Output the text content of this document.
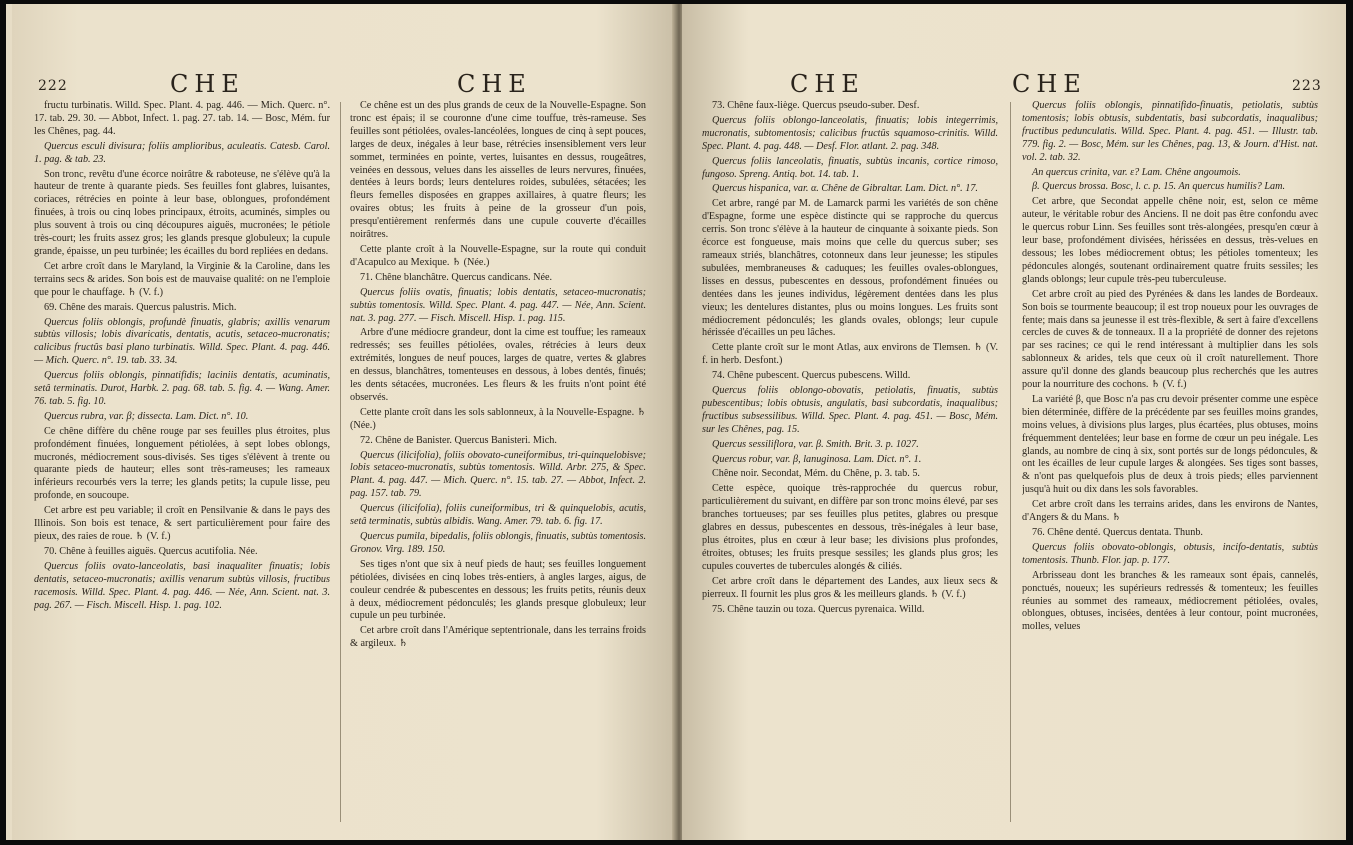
222	CHE	CHE

fructu turbinatis. Willd. Spec. Plant. 4. pag. 446. — Mich. Querc. n°. 17. tab. 29. 30. — Abbot, Infect. 1. pag. 27. tab. 14. — Bosc, Mém. fur les Chênes, pag. 44.

Quercus esculi divisura; foliis amplioribus, aculeatis. Catesb. Carol. 1. pag. & tab. 23.

Son tronc, revêtu d'une écorce noirâtre & raboteuse, ne s'élève qu'à la hauteur de trente à quarante pieds. Ses feuilles font glabres, luisantes, coriaces, rétrécies en pointe à leur base, oblongues, profondément finuées, à trois ou cinq lobes principaux, étroits, acuminés, simples ou plus souvent à trois ou cinq découpures aiguës, mucronées; le pétiole très-court; les fruits assez gros; les glands presque globuleux; la cupule grande, épaisse, un peu turbinée; les écailles du bord repliées en dedans.

Cet arbre croît dans le Maryland, la Virginie & la Caroline, dans les terrains secs & arides. Son bois est de mauvaise qualité: on ne l'emploie que pour le chauffage. ♄ (V. f.)

69. Chêne des marais. Quercus palustris. Mich.

Quercus foliis oblongis, profundè finuatis, glabris; axillis venarum subtùs villosis; lobis divaricatis, dentatis, acutis, setaceo-mucronatis; calicibus fructûs basi plano turbinatis. Willd. Spec. Plant. 4. pag. 446. — Mich. Querc. n°. 19. tab. 33. 34.

Quercus foliis oblongis, pinnatifidis; laciniis dentatis, acuminatis, setâ terminatis. Durot, Harbk. 2. pag. 68. tab. 5. fig. 4. — Wang. Amer. 76. tab. 5. fig. 10.

Quercus rubra, var. β; dissecta. Lam. Dict. n°. 10.

Ce chêne diffère du chêne rouge par ses feuilles plus étroites, plus profondément finuées, longuement pétiolées, à sept lobes oblongs, mucronés, médiocrement sous-divisés. Ses tiges s'élèvent à trente ou quarante pieds de hauteur; elles sont très-rameuses; les rameaux inférieurs recourbés vers la terre; les glands petits; la cupule lisse, peu profonde, en soucoupe.

Cet arbre est peu variable; il croît en Pensilvanie & dans le pays des Illinois. Son bois est tenace, & sert particulièrement pour faire des pieux, des raies de roue. ♄ (V. f.)

70. Chêne à feuilles aiguës. Quercus acutifolia. Née.

Quercus foliis ovato-lanceolatis, basi inaqualiter finuatis; lobis dentatis, setaceo-mucronatis; axillis venarum subtùs villosis, fructibus racemosis. Willd. Spec. Plant. 4. pag. 446. — Née, Ann. Scient. nat. 3. pag. 267. — Fisch. Miscell. Hisp. 1. pag. 102.

Ce chêne est un des plus grands de ceux de la Nouvelle-Espagne. Son tronc est épais; il se couronne d'une cime touffue, très-rameuse. Ses feuilles sont pétiolées, ovales-lancéolées, longues de cinq à sept pouces, larges de deux, inégales à leur base, rétrécies insensiblement vers leur sommet, terminées en pointe, vertes, luisantes en dessus, rougeâtres, veinées en dessous, velues dans les aisselles de leurs nervures, finuées, dentées à leurs bords; leurs dentelures roides, subulées, sétacées; les fleurs femelles disposées en grappes axillaires, à quatre fleurs; les ovaires obtus; les fruits à peine de la grosseur d'un pois, presqu'entièrement renfermés dans une cupule couverte d'écailles noirâtres.

Cette plante croît à la Nouvelle-Espagne, sur la route qui conduit d'Acapulco au Mexique. ♄ (Née.)

71. Chêne blanchâtre. Quercus candicans. Née.

Quercus foliis ovatis, finuatis; lobis dentatis, setaceo-mucronatis; subtùs tomentosis. Willd. Spec. Plant. 4. pag. 447. — Née, Ann. Scient. nat. 3. pag. 277. — Fisch. Miscell. Hisp. 1. pag. 115.

Arbre d'une médiocre grandeur, dont la cime est touffue; les rameaux redressés; ses feuilles pétiolées, ovales, rétrécies à leurs deux extrémités, longues de neuf pouces, larges de quatre, vertes & glabres en dessus, blanchâtres, tomenteuses en dessous, à lobes dentés, finués; les dents sétacées, mucronées. Les fleurs & les fruits n'ont point été observés.

Cette plante croît dans les sols sablonneux, à la Nouvelle-Espagne. ♄ (Née.)

72. Chêne de Banister. Quercus Banisteri. Mich.

Quercus (ilicifolia), foliis obovato-cuneiformibus, tri-quinquelobisve; lobis setaceo-mucronatis, subtùs tomentosis. Willd. Arbr. 275, & Spec. Plant. 4. pag. 447. — Mich. Querc. n°. 15. tab. 27. — Abbot, Infect. 2. pag. 157. tab. 79.

Quercus (ilicifolia), foliis cuneiformibus, tri & quinquelobis, acutis, setâ terminatis, subtùs albidis. Wang. Amer. 79. tab. 6. fig. 17.

Quercus pumila, bipedalis, foliis oblongis, finuatis, subtùs tomentosis. Gronov. Virg. 189. 150.

Ses tiges n'ont que six à neuf pieds de haut; ses feuilles longuement pétiolées, divisées en cinq lobes très-entiers, à angles larges, aigus, de couleur cendrée & pubescentes en dessous; les fruits petits, réunis deux à deux, médiocrement pédonculés; les glands presque globuleux; leur cupule un peu turbinée.

Cet arbre croît dans l'Amérique septentrionale, dans les terrains froids & argileux. ♄

CHE	CHE	223

73. Chêne faux-liège. Quercus pseudo-suber. Desf.

Quercus foliis oblongo-lanceolatis, finuatis; lobis integerrimis, mucronatis, subtomentosis; calicibus fructûs squamoso-crinitis. Willd. Spec. Plant. 4. pag. 448. — Desf. Flor. atlant. 2. pag. 348.

Quercus foliis lanceolatis, finuatis, subtùs incanis, cortice rimoso, fungoso. Spreng. Antiq. bot. 14. tab. 1.

Quercus hispanica, var. α. Chêne de Gibraltar. Lam. Dict. n°. 17.

Cet arbre, rangé par M. de Lamarck parmi les variétés de son chêne d'Espagne, forme une espèce distincte qui se rapproche du quercus cerris. Son tronc s'élève à la hauteur de cinquante à soixante pieds. Son écorce est fongueuse, mais moins que celle du quercus suber; ses rameaux striés, blanchâtres, cotonneux dans leur jeunesse; les stipules subulées, membraneuses & caduques; les feuilles ovales-oblongues, lisses en dessus, pubescentes en dessous, profondément finuées ou dentées dans les jeunes individus, légèrement dentées dans les plus vieux; les dentelures distantes, plus ou moins longues. Les fruits sont médiocrement pédonculés; les glands ovales, oblongs; leur cupule hérissée d'écailles un peu lâches.

Cette plante croît sur le mont Atlas, aux environs de Tlemsen. ♄ (V. f. in herb. Desfont.)

74. Chêne pubescent. Quercus pubescens. Willd.

Quercus foliis oblongo-obovatis, petiolatis, finuatis, subtùs pubescentibus; lobis obtusis, angulatis, basi subcordatis, inaqualibus; fructibus subsessilibus. Willd. Spec. Plant. 4. pag. 451. — Bosc, Mém. sur les Chênes, pag. 15.

Quercus sessiliflora, var. β. Smith. Brit. 3. p. 1027.

Quercus robur, var. β, lanuginosa. Lam. Dict. n°. 1.

Chêne noir. Secondat, Mém. du Chêne, p. 3. tab. 5.

Cette espèce, quoique très-rapprochée du quercus robur, particulièrement du suivant, en diffère par son tronc moins élevé, par ses branches tortueuses; par ses feuilles plus petites, glabres ou presque glabres en dessus, pubescentes en dessous, très-inégales à leur base, plus étroites, plus en cœur à leur base; les divisions plus profondes, étroites, obtuses; les fruits presque sessiles; les glands plus gros; les cupules couvertes de tubercules alongés & ciliés.

Cet arbre croît dans le département des Landes, aux lieux secs & pierreux. Il fournit les plus gros & les meilleurs glands. ♄ (V. f.)

75. Chêne tauzin ou toza. Quercus pyrenaica. Willd.

Quercus foliis oblongis, pinnatifido-finuatis, petiolatis, subtùs tomentosis; lobis obtusis, subdentatis, basi subcordatis, inaqualibus; fructibus pedunculatis. Willd. Spec. Plant. 4. pag. 451. — Illustr. tab. 779. fig. 2. — Bosc, Mém. sur les Chênes, pag. 13, & Journ. d'Hist. nat. vol. 2. tab. 32.

An quercus crinita, var. ε? Lam. Chêne angoumois.

β. Quercus brossa. Bosc, l. c. p. 15. An quercus humilis? Lam.

Cet arbre, que Secondat appelle chêne noir, est, selon ce même auteur, le véritable robur des Anciens. Il ne doit pas être confondu avec le quercus robur Linn. Ses feuilles sont très-alongées, presqu'en cœur à leur base, profondément divisées, hérissées en dessus, très-velues en dessous; les lobes médiocrement obtus; les pétioles tomenteux; les pédoncules alongés, soutenant ordinairement quatre fruits sessiles; les glands oblongs; leur cupule très-peu tuberculeuse.

Cet arbre croît au pied des Pyrénées & dans les landes de Bordeaux. Son bois se tourmente beaucoup; il est trop noueux pour les ouvrages de fente; mais dans sa jeunesse il est très-flexible, & sert à faire d'excellens cercles de cuves & de tonneaux. Il a la propriété de donner des rejetons par ses racines; ce qui le rend intéressant à multiplier dans les sols sablonneux & arides, tels que ceux où il croît naturellement. Thore assure qu'il donne des glands beaucoup plus recherchés que les autres pour la nourriture des cochons. ♄ (V. f.)

La variété β, que Bosc n'a pas cru devoir présenter comme une espèce bien déterminée, diffère de la précédente par ses feuilles moins grandes, moins velues, à divisions plus larges, plus écartées, plus obtuses, moins fréquemment dentelées; leur base en forme de cœur un peu inégale. Les glands, au nombre de cinq à six, sont portés sur de longs pédoncules, & ont les écailles de leur cupule larges & alongées. Ses tiges sont basses, & n'ont pas quelquefois plus de deux à trois pieds; elles parviennent jusqu'à huit ou dix dans les sols favorables.

Cet arbre croît dans les terrains arides, dans les environs de Nantes, d'Angers & du Mans. ♄

76. Chêne denté. Quercus dentata. Thunb.

Quercus foliis obovato-oblongis, obtusis, incifo-dentatis, subtùs tomentosis. Thunb. Flor. jap. p. 177.

Arbrisseau dont les branches & les rameaux sont épais, cannelés, ponctués, noueux; les supérieurs redressés & tomenteux; les feuilles réunies au sommet des rameaux, médiocrement pétiolées, ovales, oblongues, obtuses, incisées, dentées à leur contour, point mucronées, molles, velues
